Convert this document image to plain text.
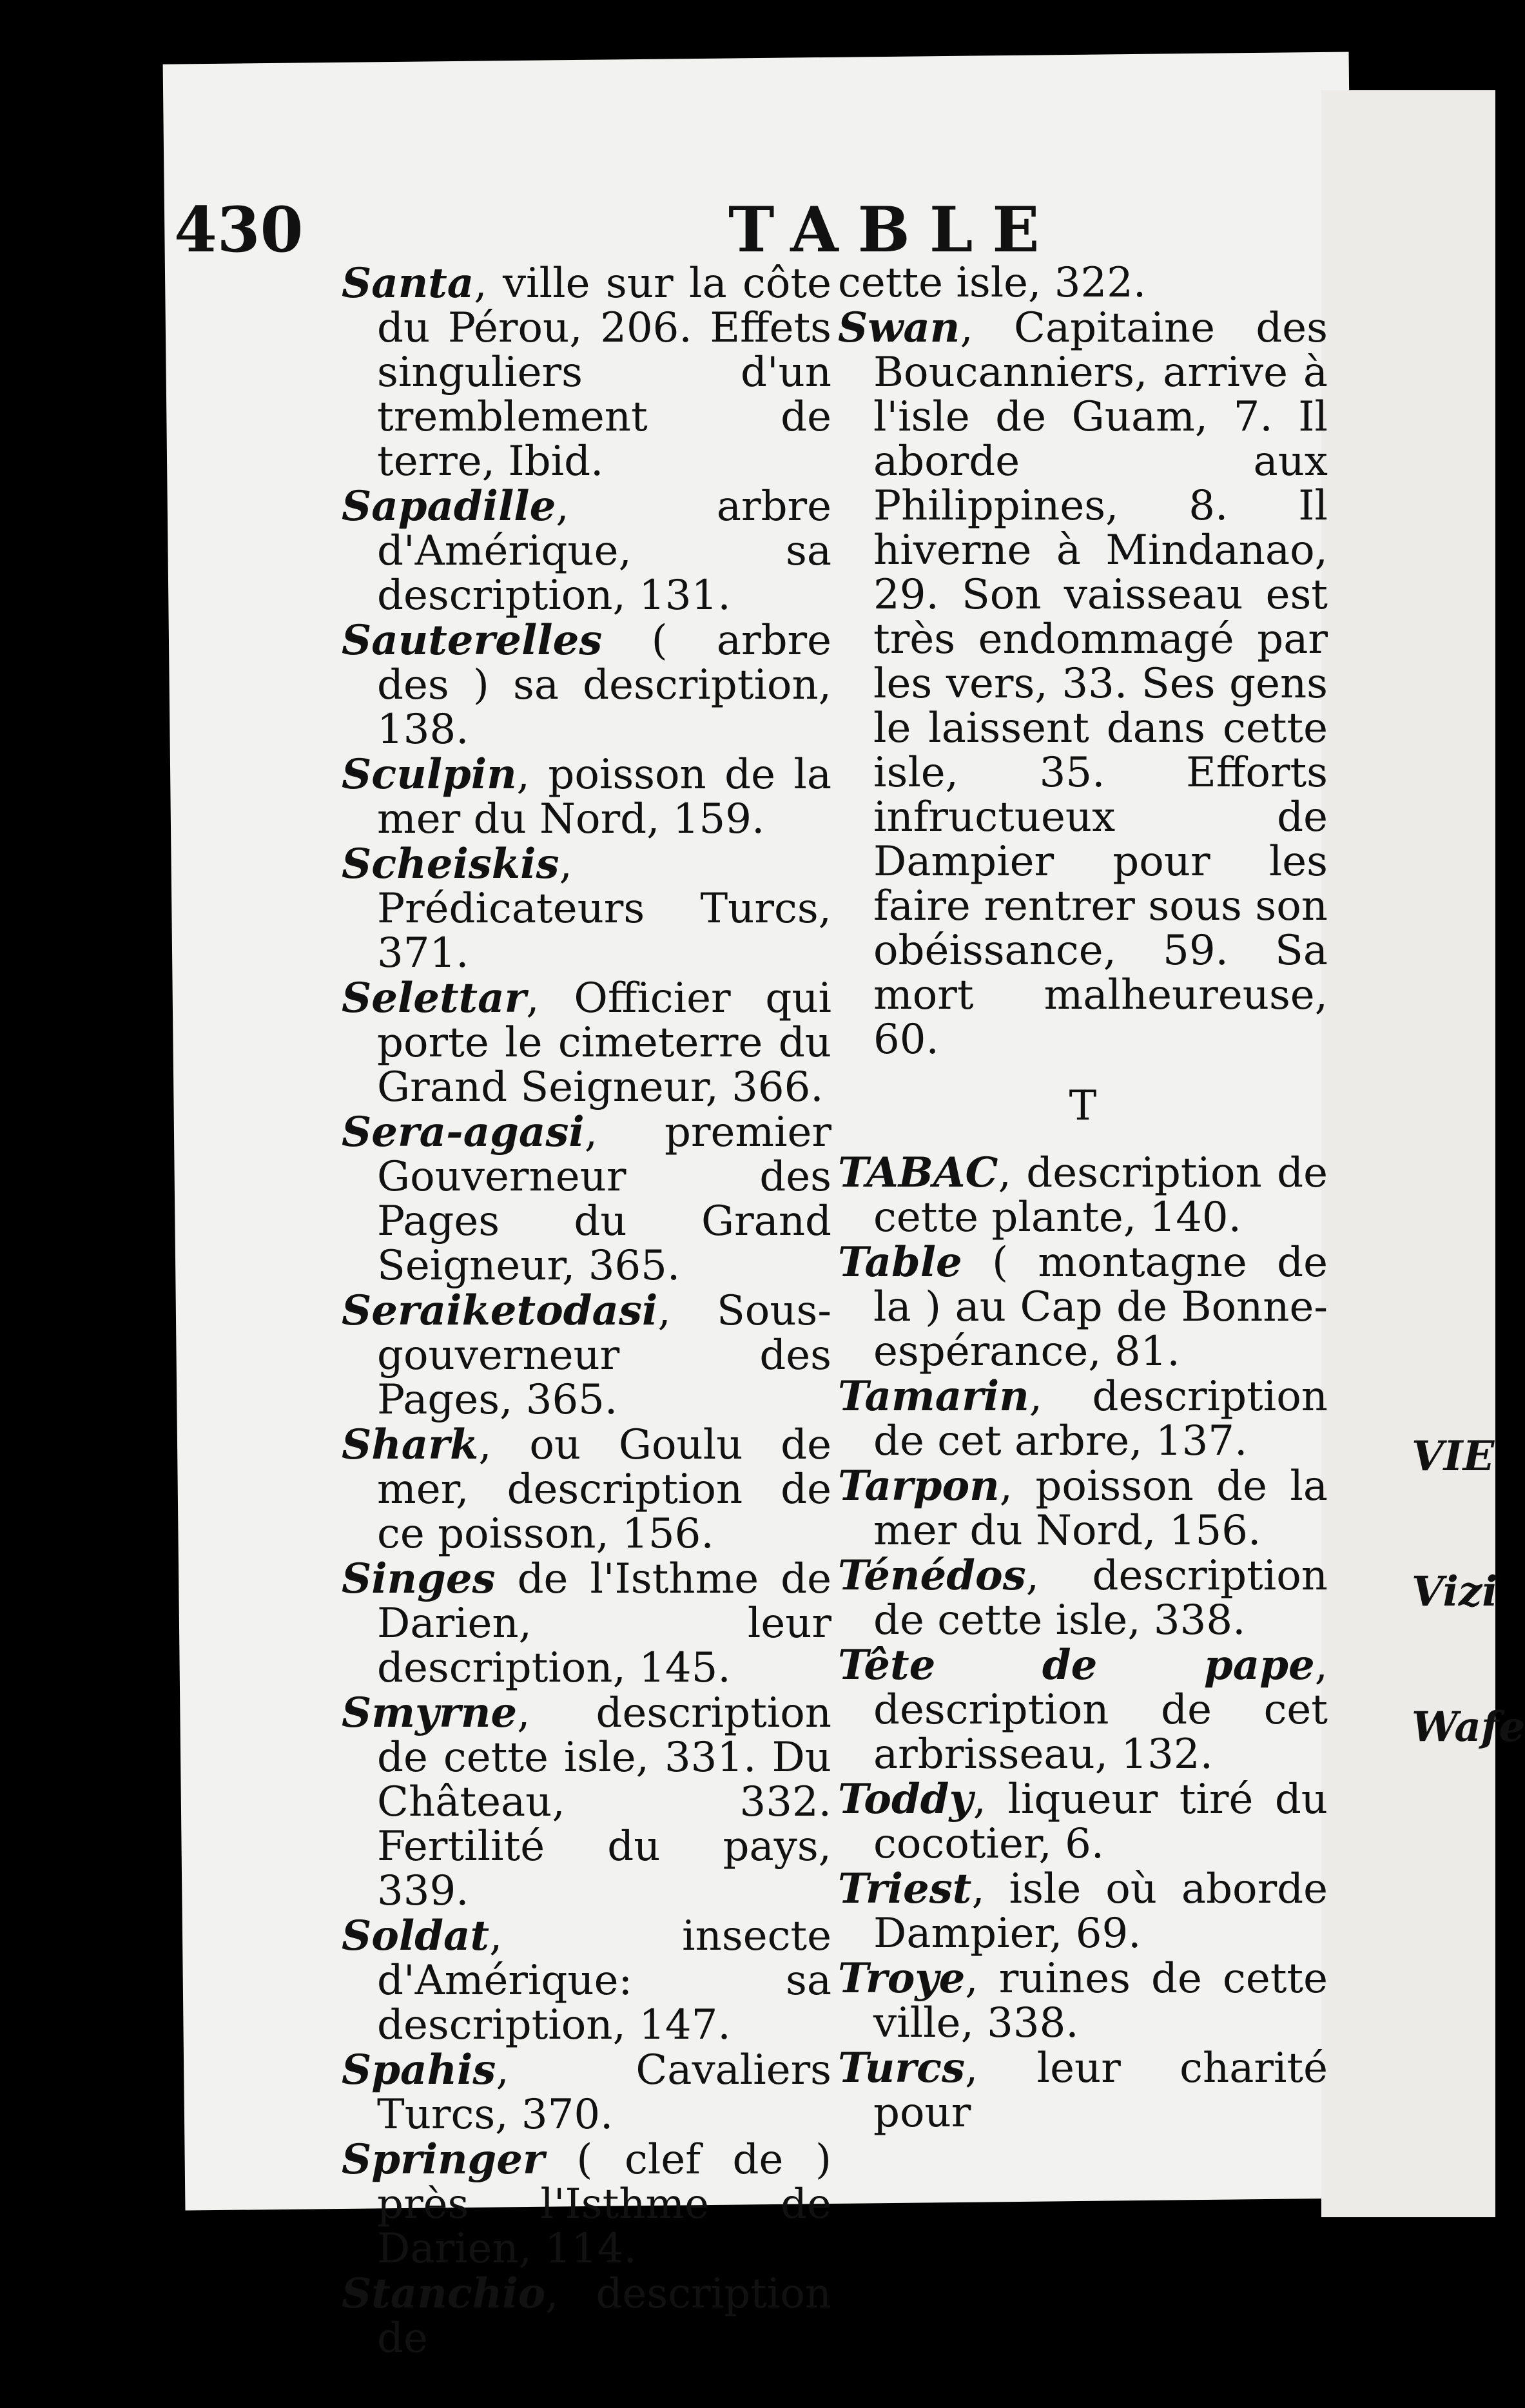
430	TABLE

Santa, ville sur la côte du Pérou, 206. Effets singuliers d'un tremblement de terre, Ibid.

Sapadille, arbre d'Amérique, sa description, 131.

Sauterelles ( arbre des ) sa description, 138.

Sculpin, poisson de la mer du Nord, 159.

Scheiskis, Prédicateurs Turcs, 371.

Selettar, Officier qui porte le cimeterre du Grand Seigneur, 366.

Sera-agasi, premier Gouverneur des Pages du Grand Seigneur, 365.

Seraiketodasi, Sous-gouverneur des Pages, 365.

Shark, ou Goulu de mer, description de ce poisson, 156.

Singes de l'Isthme de Darien, leur description, 145.

Smyrne, description de cette isle, 331. Du Château, 332. Fertilité du pays, 339.

Soldat, insecte d'Amérique: sa description, 147.

Spahis, Cavaliers Turcs, 370.

Springer ( clef de ) près l'Isthme de Darien, 114.

Stanchio, description de

cette isle, 322.

Swan, Capitaine des Boucanniers, arrive à l'isle de Guam, 7. Il aborde aux Philippines, 8. Il hiverne à Mindanao, 29. Son vaisseau est très endommagé par les vers, 33. Ses gens le laissent dans cette isle, 35. Efforts infructueux de Dampier pour les faire rentrer sous son obéissance, 59. Sa mort malheureuse, 60.

T

TABAC, description de cette plante, 140.

Table ( montagne de la ) au Cap de Bonne-espérance, 81.

Tamarin, description de cet arbre, 137.

Tarpon, poisson de la mer du Nord, 156.

Ténédos, description de cette isle, 338.

Tête de pape, description de cet arbrisseau, 132.

Toddy, liqueur tiré du cocotier, 6.

Triest, isle où aborde Dampier, 69.

Troye, ruines de cette ville, 338.

Turcs, leur charité pour

VIE
Vizi
Wafe
